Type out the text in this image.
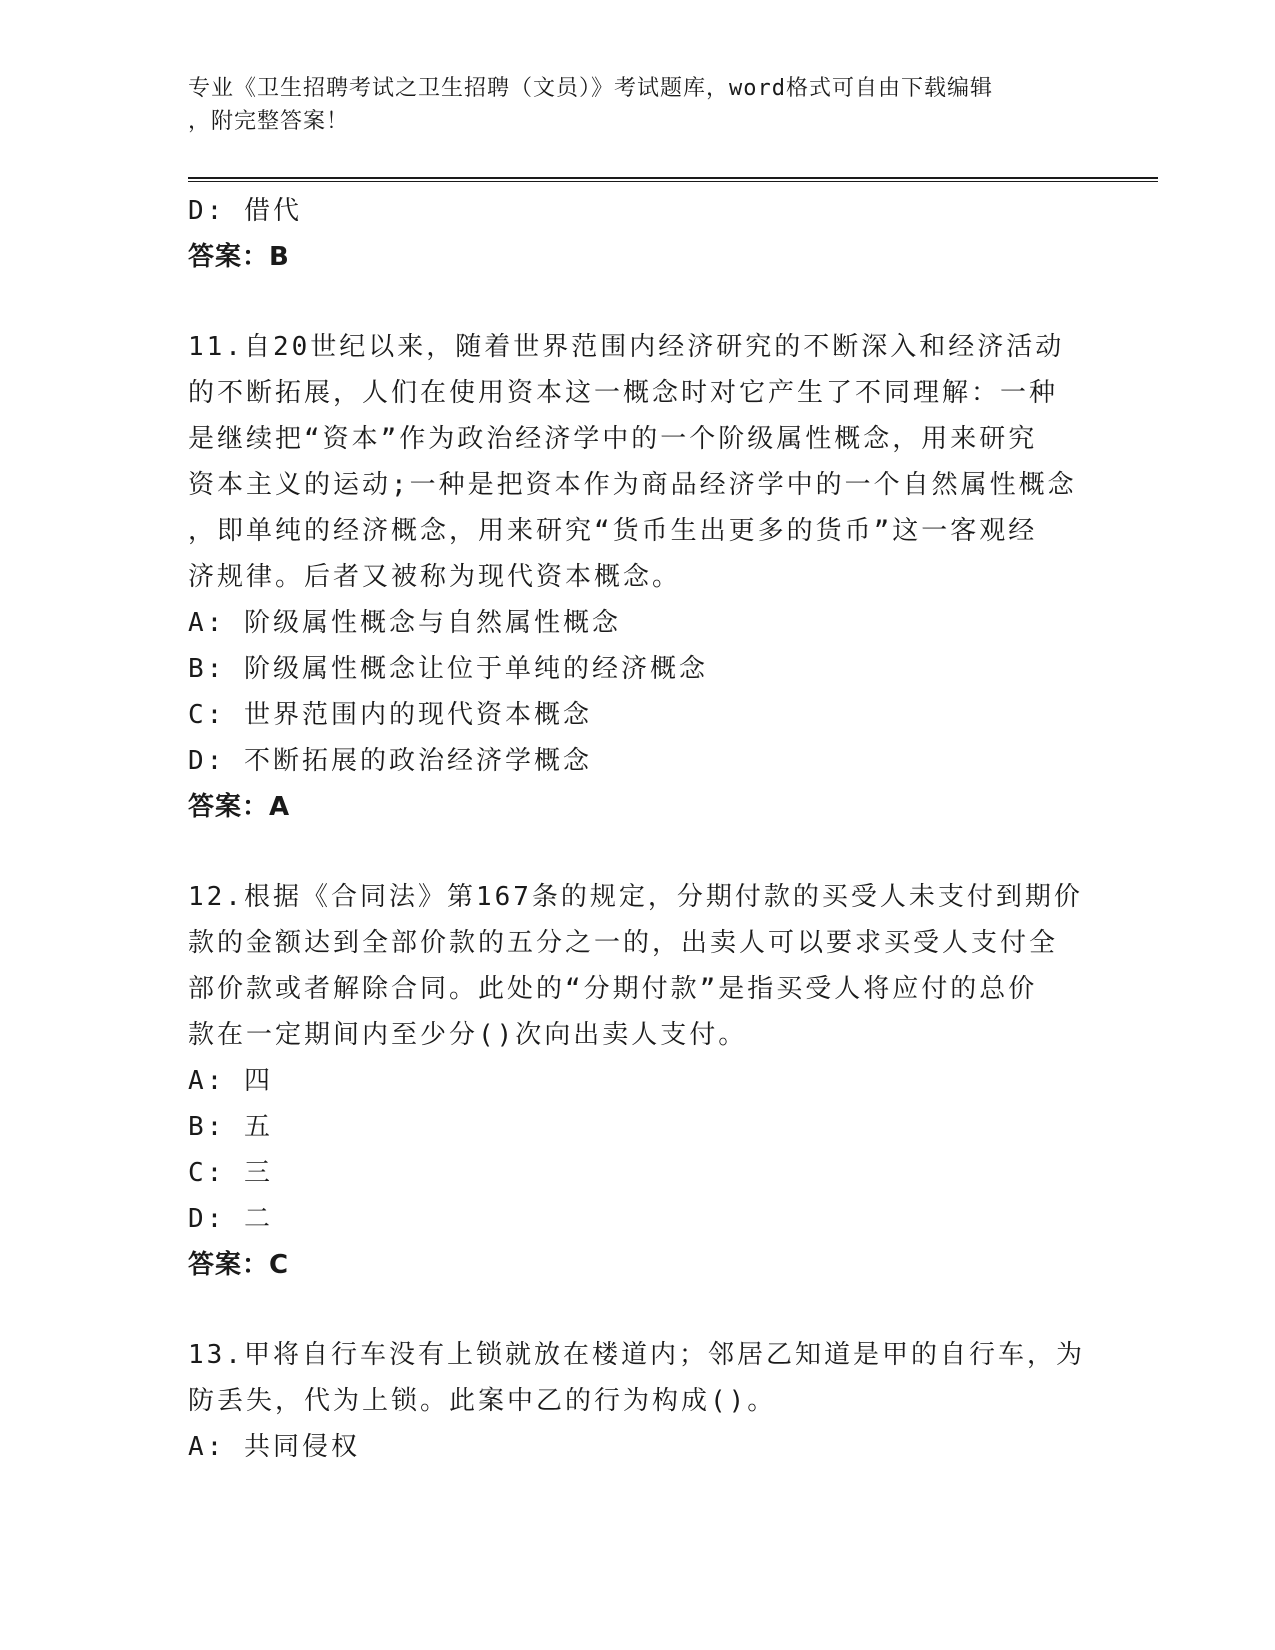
专业《卫生招聘考试之卫生招聘（文员）》考试题库，word格式可自由下载编辑
，附完整答案！
D: 借代
答案：B
11.自20世纪以来，随着世界范围内经济研究的不断深入和经济活动
的不断拓展，人们在使用资本这一概念时对它产生了不同理解：一种
是继续把“资本”作为政治经济学中的一个阶级属性概念，用来研究
资本主义的运动;一种是把资本作为商品经济学中的一个自然属性概念
，即单纯的经济概念，用来研究“货币生出更多的货币”这一客观经
济规律。后者又被称为现代资本概念。
A: 阶级属性概念与自然属性概念
B: 阶级属性概念让位于单纯的经济概念
C: 世界范围内的现代资本概念
D: 不断拓展的政治经济学概念
答案：A
12.根据《合同法》第167条的规定，分期付款的买受人未支付到期价
款的金额达到全部价款的五分之一的，出卖人可以要求买受人支付全
部价款或者解除合同。此处的“分期付款”是指买受人将应付的总价
款在一定期间内至少分()次向出卖人支付。
A: 四
B: 五
C: 三
D: 二
答案：C
13.甲将自行车没有上锁就放在楼道内；邻居乙知道是甲的自行车，为
防丢失，代为上锁。此案中乙的行为构成()。
A: 共同侵权
